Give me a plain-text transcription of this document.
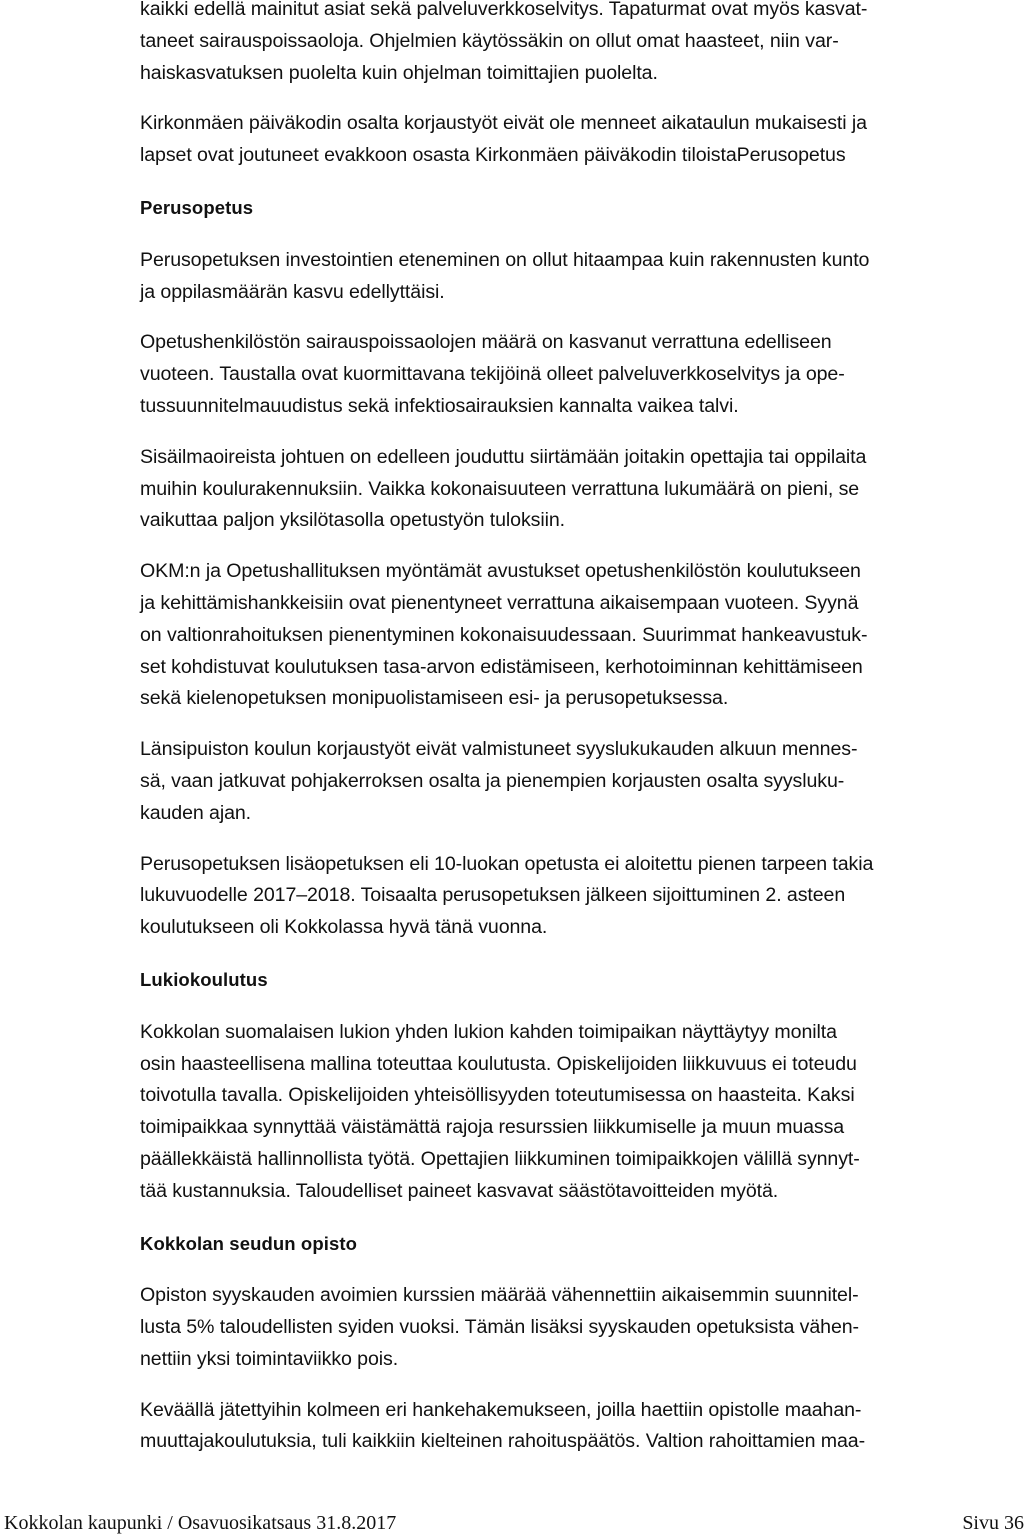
kaikki edellä mainitut asiat sekä palveluverkkoselvitys. Tapaturmat ovat myös kasvat-
taneet sairauspoissaoloja. Ohjelmien käytössäkin on ollut omat haasteet, niin var-
haiskasvatuksen puolelta kuin ohjelman toimittajien puolelta.
Kirkonmäen päiväkodin osalta korjaustyöt eivät ole menneet aikataulun mukaisesti ja
lapset ovat joutuneet evakkoon osasta Kirkonmäen päiväkodin tiloistaPerusopetus
Perusopetus
Perusopetuksen investointien eteneminen on ollut hitaampaa kuin rakennusten kunto
ja oppilasmäärän kasvu edellyttäisi.
Opetushenkilöstön sairauspoissaolojen määrä on kasvanut verrattuna edelliseen
vuoteen. Taustalla ovat kuormittavana tekijöinä olleet palveluverkkoselvitys ja ope-
tussuunnitelmauudistus sekä infektiosairauksien kannalta vaikea talvi.
Sisäilmaoireista johtuen on edelleen jouduttu siirtämään joitakin opettajia tai oppilaita
muihin koulurakennuksiin. Vaikka kokonaisuuteen verrattuna lukumäärä on pieni, se
vaikuttaa paljon yksilötasolla opetustyön tuloksiin.
OKM:n ja Opetushallituksen myöntämät avustukset opetushenkilöstön koulutukseen
ja kehittämishankkeisiin ovat pienentyneet verrattuna aikaisempaan vuoteen. Syynä
on valtionrahoituksen pienentyminen kokonaisuudessaan. Suurimmat hankeavustuk-
set kohdistuvat koulutuksen tasa-arvon edistämiseen, kerhotoiminnan kehittämiseen
sekä kielenopetuksen monipuolistamiseen esi- ja perusopetuksessa.
Länsipuiston koulun korjaustyöt eivät valmistuneet syyslukukauden alkuun mennes-
sä, vaan jatkuvat pohjakerroksen osalta ja pienempien korjausten osalta syysluku-
kauden ajan.
Perusopetuksen lisäopetuksen eli 10-luokan opetusta ei aloitettu pienen tarpeen takia
lukuvuodelle 2017–2018. Toisaalta perusopetuksen jälkeen sijoittuminen 2. asteen
koulutukseen oli Kokkolassa hyvä tänä vuonna.
Lukiokoulutus
Kokkolan suomalaisen lukion yhden lukion kahden toimipaikan näyttäytyy monilta
osin haasteellisena mallina toteuttaa koulutusta. Opiskelijoiden liikkuvuus ei toteudu
toivotulla tavalla. Opiskelijoiden yhteisöllisyyden toteutumisessa on haasteita. Kaksi
toimipaikkaa synnyttää väistämättä rajoja resurssien liikkumiselle ja muun muassa
päällekkäistä hallinnollista työtä. Opettajien liikkuminen toimipaikkojen välillä synnyt-
tää kustannuksia. Taloudelliset paineet kasvavat säästötavoitteiden myötä.
Kokkolan seudun opisto
Opiston syyskauden avoimien kurssien määrää vähennettiin aikaisemmin suunnitel-
lusta 5% taloudellisten syiden vuoksi. Tämän lisäksi syyskauden opetuksista vähen-
nettiin yksi toimintaviikko pois.
Keväällä jätettyihin kolmeen eri hankehakemukseen, joilla haettiin opistolle maahan-
muuttajakoulutuksia, tuli kaikkiin kielteinen rahoituspäätös. Valtion rahoittamien maa-
Kokkolan kaupunki / Osavuosikatsaus 31.8.2017	Sivu 36
